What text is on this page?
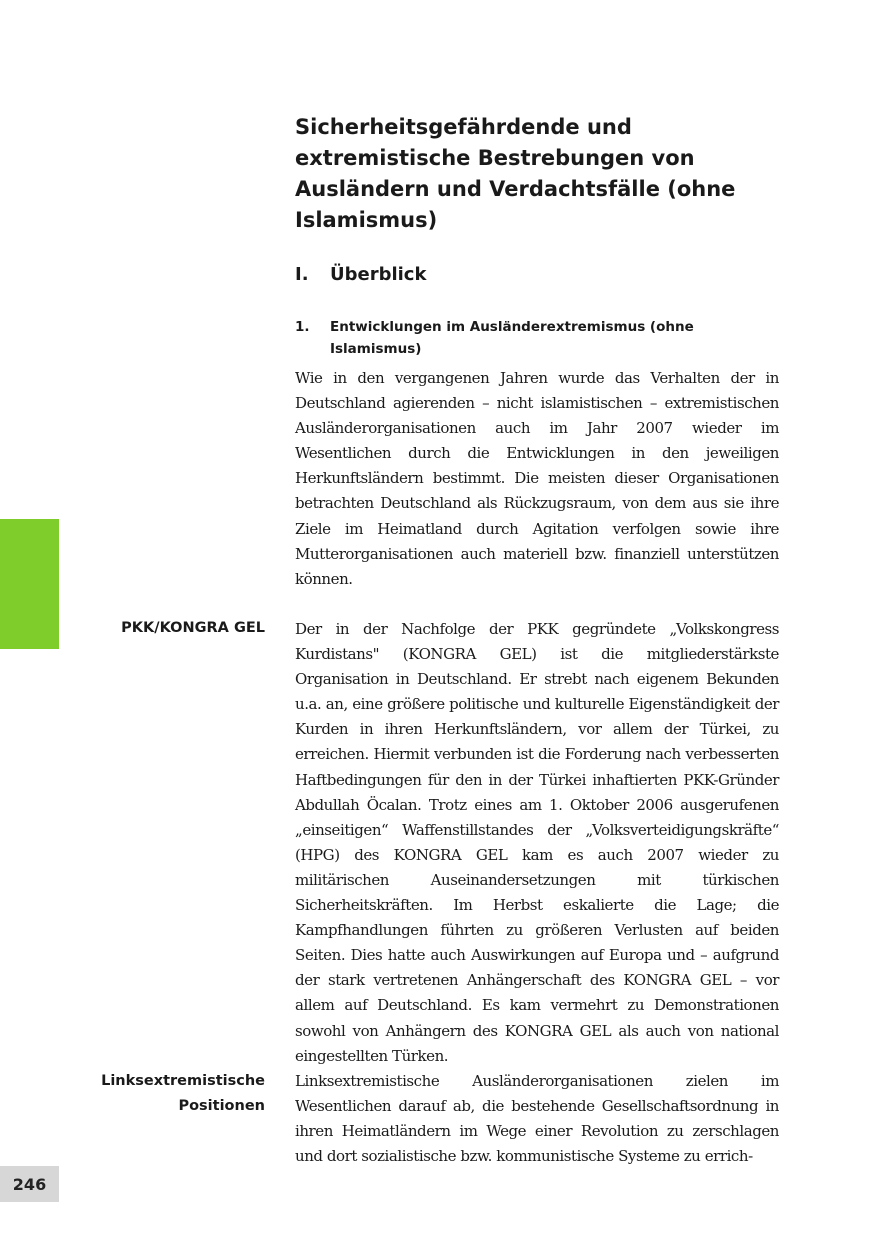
246
Sicherheitsgefährdende und extremistische Bestrebungen von Ausländern und Verdachtsfälle (ohne Islamismus)
I. Überblick
1.	Entwicklungen im Ausländerextremismus (ohne Islamismus)

Wie in den vergangenen Jahren wurde das Verhalten der in Deutschland agierenden – nicht islamistischen – extremistischen Ausländerorganisationen auch im Jahr 2007 wieder im Wesentlichen durch die Entwicklungen in den jeweiligen Herkunftsländern bestimmt. Die meisten dieser Organisationen betrachten Deutschland als Rückzugsraum, von dem aus sie ihre Ziele im Heimatland durch Agitation verfolgen sowie ihre Mutterorganisationen auch materiell bzw. finanziell unterstützen können.

PKK/KONGRA GEL Der in der Nachfolge der PKK gegründete „Volkskongress Kurdistans" (KONGRA GEL) ist die mitgliederstärkste Organisation in Deutschland. Er strebt nach eigenem Bekunden u.a. an, eine größere politische und kulturelle Eigenständigkeit der Kurden in ihren Herkunftsländern, vor allem der Türkei, zu erreichen. Hiermit verbunden ist die Forderung nach verbesserten Haftbedingungen für den in der Türkei inhaftierten PKK-Gründer Abdullah Öcalan. Trotz eines am 1. Oktober 2006 ausgerufenen „einseitigen“ Waffenstillstandes der „Volksverteidigungskräfte“ (HPG) des KONGRA GEL kam es auch 2007 wieder zu militärischen Auseinandersetzungen mit türkischen Sicherheitskräften. Im Herbst eskalierte die Lage; die Kampfhandlungen führten zu größeren Verlusten auf beiden Seiten. Dies hatte auch Auswirkungen auf Europa und – aufgrund der stark vertretenen Anhängerschaft des KONGRA GEL – vor allem auf Deutschland. Es kam vermehrt zu Demonstrationen sowohl von Anhängern des KONGRA GEL als auch von national eingestellten Türken.

Linksextremistische Positionen

Linksextremistische Ausländerorganisationen zielen im Wesentlichen darauf ab, die bestehende Gesellschaftsordnung in ihren Heimatländern im Wege einer Revolution zu zerschlagen und dort sozialistische bzw. kommunistische Systeme zu errich-
